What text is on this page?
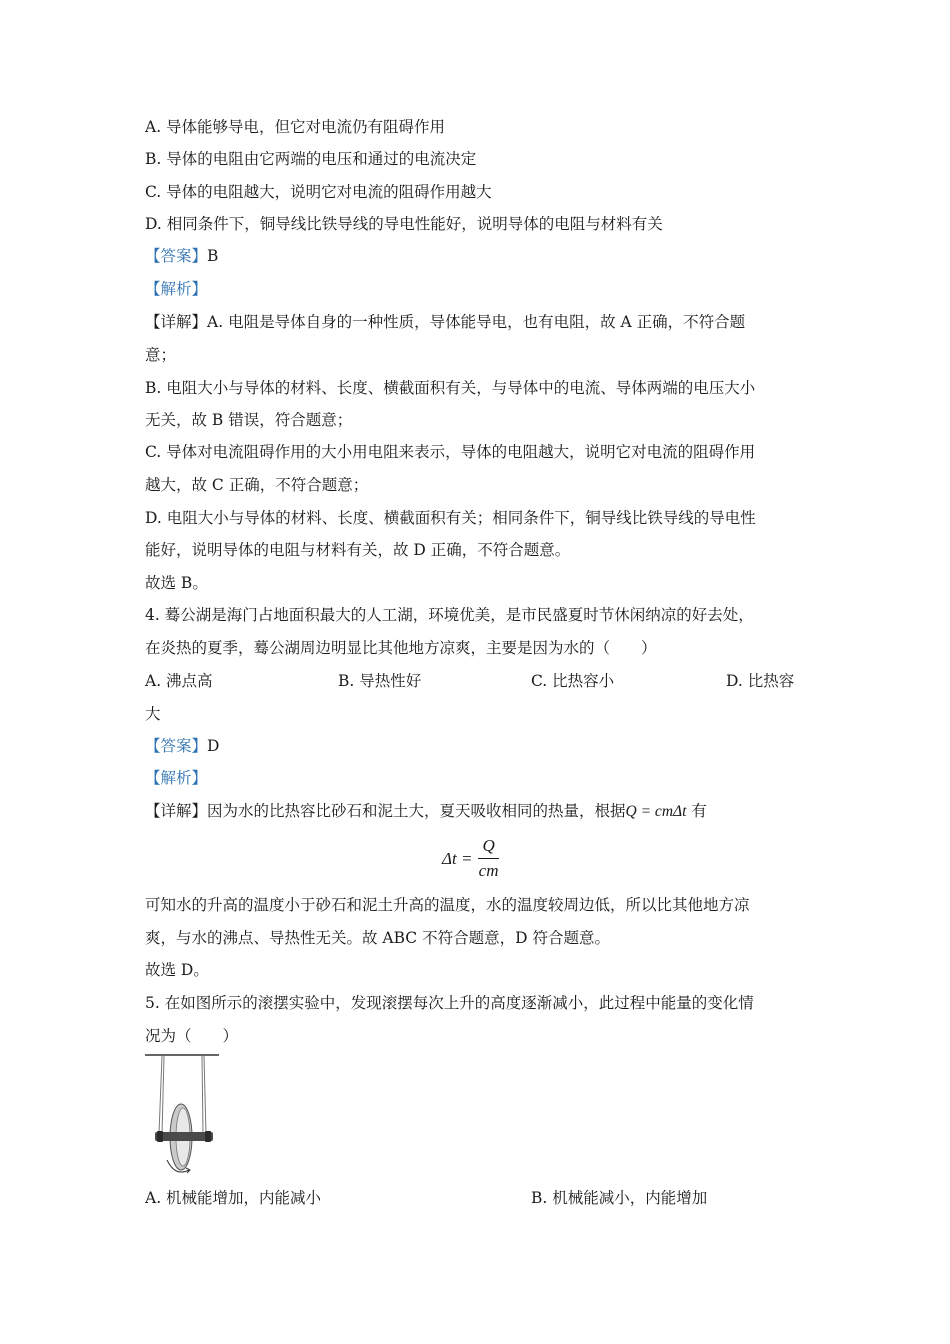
A. 导体能够导电，但它对电流仍有阻碍作用
B. 导体的电阻由它两端的电压和通过的电流决定
C. 导体的电阻越大，说明它对电流的阻碍作用越大
D. 相同条件下，铜导线比铁导线的导电性能好，说明导体的电阻与材料有关
【答案】B
【解析】
【详解】A. 电阻是导体自身的一种性质，导体能导电，也有电阻，故 A 正确，不符合题
意；
B. 电阻大小与导体的材料、长度、横截面积有关，与导体中的电流、导体两端的电压大小
无关，故 B 错误，符合题意；
C. 导体对电流阻碍作用的大小用电阻来表示，导体的电阻越大，说明它对电流的阻碍作用
越大，故 C 正确，不符合题意；
D. 电阻大小与导体的材料、长度、横截面积有关；相同条件下，铜导线比铁导线的导电性
能好，说明导体的电阻与材料有关，故 D 正确，不符合题意。
故选 B。
4. 蓦公湖是海门占地面积最大的人工湖，环境优美，是市民盛夏时节休闲纳凉的好去处，
在炎热的夏季，蓦公湖周边明显比其他地方凉爽，主要是因为水的（　　）
A. 沸点高	B. 导热性好	C. 比热容小	D. 比热容
大
【答案】D
【解析】
【详解】因为水的比热容比砂石和泥土大，夏天吸收相同的热量，根据Q = cmΔt 有
$\Delta t = \frac{Q}{cm}$
可知水的升高的温度小于砂石和泥土升高的温度，水的温度较周边低，所以比其他地方凉
爽，与水的沸点、导热性无关。故 ABC 不符合题意，D 符合题意。
故选 D。
5. 在如图所示的滚摆实验中，发现滚摆每次上升的高度逐渐减小，此过程中能量的变化情
况为（　　）
A. 机械能增加，内能减小	B. 机械能减小，内能增加
